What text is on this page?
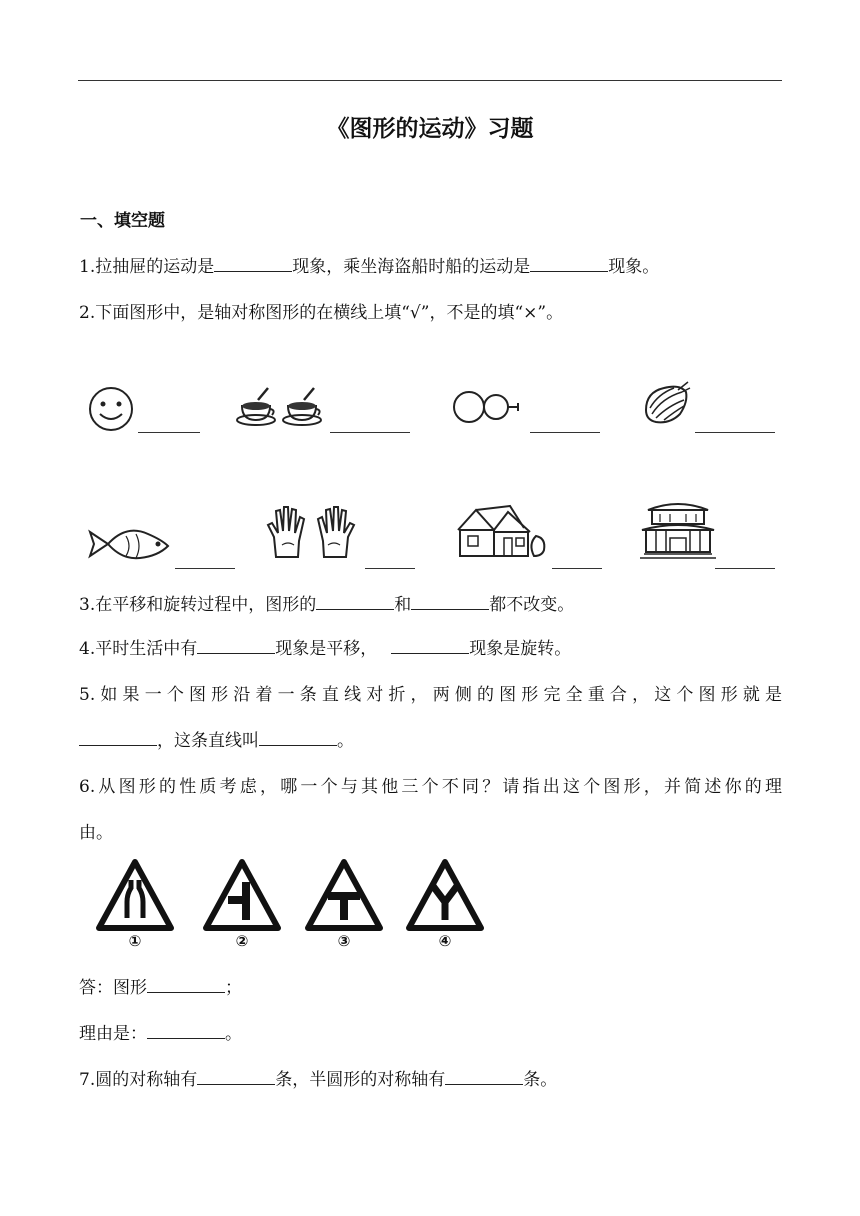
《图形的运动》习题
一、填空题
1.拉抽屉的运动是	现象，乘坐海盗船时船的运动是	现象。
2.下面图形中，是轴对称图形的在横线上填“√”，不是的填“×”。
3.在平移和旋转过程中，图形的	和	都不改变。
4.平时生活中有	现象是平移，	现象是旋转。
5.如果一个图形沿着一条直线对折，两侧的图形完全重合，这个图形就是
，这条直线叫	。
6.从图形的性质考虑，哪一个与其他三个不同？请指出这个图形，并简述你的理
由。
①	②	③	④
答：图形	；
理由是：	。
7.圆的对称轴有	条，半圆形的对称轴有	条。
